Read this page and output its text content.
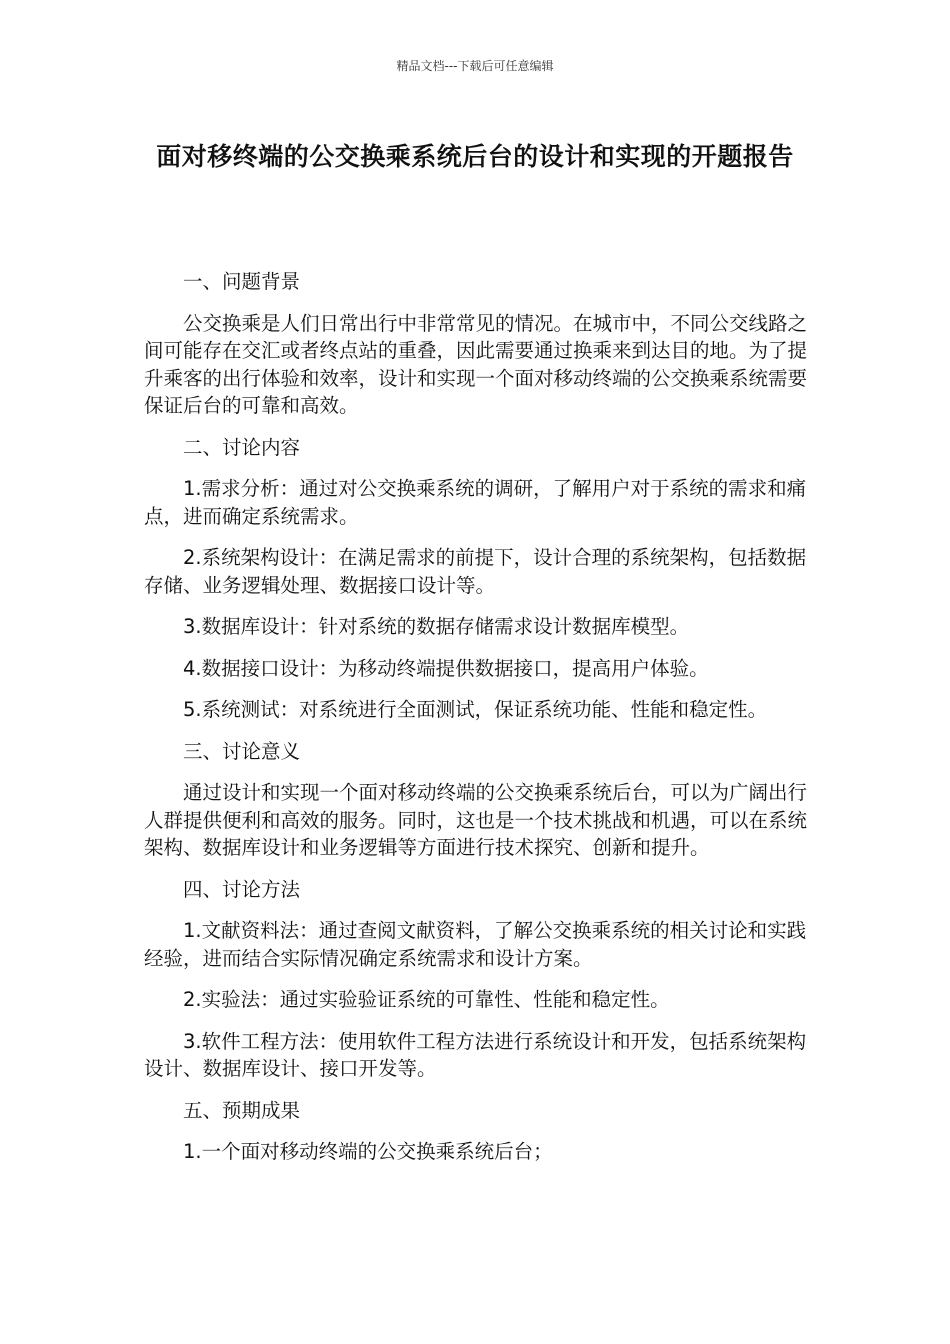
精品文档---下载后可任意编辑
面对移终端的公交换乘系统后台的设计和实现的开题报告

一、问题背景

公交换乘是人们日常出行中非常常见的情况。在城市中，不同公交线路之间可能存在交汇或者终点站的重叠，因此需要通过换乘来到达目的地。为了提升乘客的出行体验和效率，设计和实现一个面对移动终端的公交换乘系统需要保证后台的可靠和高效。

二、讨论内容

1.需求分析：通过对公交换乘系统的调研，了解用户对于系统的需求和痛点，进而确定系统需求。

2.系统架构设计：在满足需求的前提下，设计合理的系统架构，包括数据存储、业务逻辑处理、数据接口设计等。

3.数据库设计：针对系统的数据存储需求设计数据库模型。

4.数据接口设计：为移动终端提供数据接口，提高用户体验。

5.系统测试：对系统进行全面测试，保证系统功能、性能和稳定性。

三、讨论意义

通过设计和实现一个面对移动终端的公交换乘系统后台，可以为广阔出行人群提供便利和高效的服务。同时，这也是一个技术挑战和机遇，可以在系统架构、数据库设计和业务逻辑等方面进行技术探究、创新和提升。

四、讨论方法

1.文献资料法：通过查阅文献资料，了解公交换乘系统的相关讨论和实践经验，进而结合实际情况确定系统需求和设计方案。

2.实验法：通过实验验证系统的可靠性、性能和稳定性。

3.软件工程方法：使用软件工程方法进行系统设计和开发，包括系统架构设计、数据库设计、接口开发等。

五、预期成果

1.一个面对移动终端的公交换乘系统后台；
